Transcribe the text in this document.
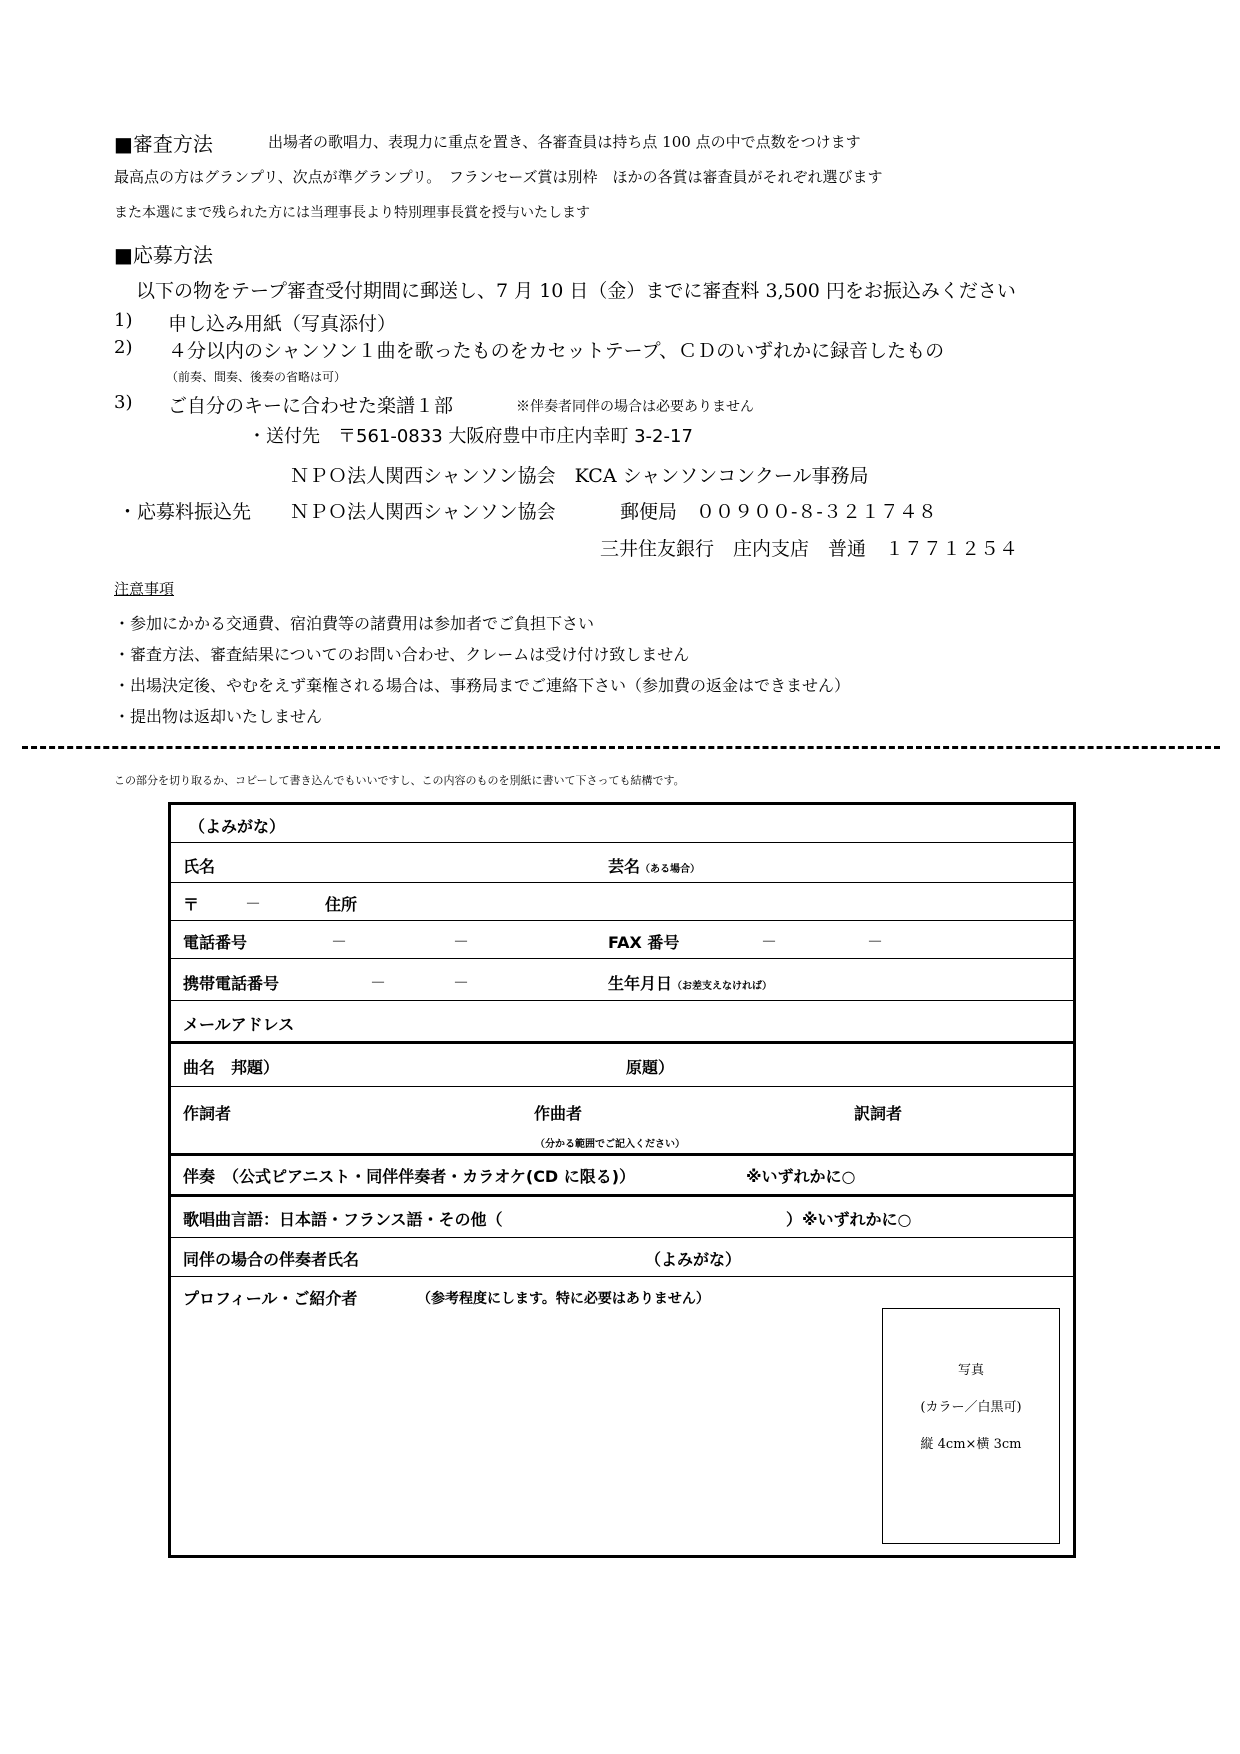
■審査方法	出場者の歌唱力、表現力に重点を置き、各審査員は持ち点 100 点の中で点数をつけます
最高点の方はグランプリ、次点が準グランプリ。　フランセーズ賞は別枠　ほかの各賞は審査員がそれぞれ選びます
また本選にまで残られた方には当理事長より特別理事長賞を授与いたします
■応募方法
以下の物をテープ審査受付期間に郵送し、7 月 10 日（金）までに審査料 3,500 円をお振込みください
1) 申し込み用紙（写真添付）
2) ４分以内のシャンソン１曲を歌ったものをカセットテープ、ＣＤのいずれかに録音したもの
（前奏、間奏、後奏の省略は可）
3) ご自分のキーに合わせた楽譜１部	※伴奏者同伴の場合は必要ありません
・送付先　〒561-0833 大阪府豊中市庄内幸町 3-2-17
ＮＰＯ法人関西シャンソン協会　KCA シャンソンコンクール事務局
・応募料振込先 ＮＰＯ法人関西シャンソン協会	郵便局　００９００-８-３２１７４８
三井住友銀行　庄内支店　普通　１７７１２５４
注意事項
・参加にかかる交通費、宿泊費等の諸費用は参加者でご負担下さい
・審査方法、審査結果についてのお問い合わせ、クレームは受け付け致しません
・出場決定後、やむをえず棄権される場合は、事務局までご連絡下さい（参加費の返金はできません）
・提出物は返却いたしません
この部分を切り取るか、コピーして書き込んでもいいですし、この内容のものを別紙に書いて下さっても結構です。
（よみがな）
氏名	芸名（ある場合）
〒	－	住所
電話番号	－	－	FAX 番号	－	－
携帯電話番号	－	－	生年月日（お差支えなければ）
メールアドレス
曲名　邦題）	原題）
作詞者	作曲者	訳詞者
（分かる範囲でご記入ください）
伴奏　（公式ピアニスト・同伴伴奏者・カラオケ(CD に限る)）	※いずれかに○
歌唱曲言語：日本語・フランス語・その他（	）※いずれかに○
同伴の場合の伴奏者氏名	（よみがな）
プロフィール・ご紹介者	（参考程度にします。特に必要はありません）
写真
(カラー／白黒可)
縦 4cm×横 3cm
